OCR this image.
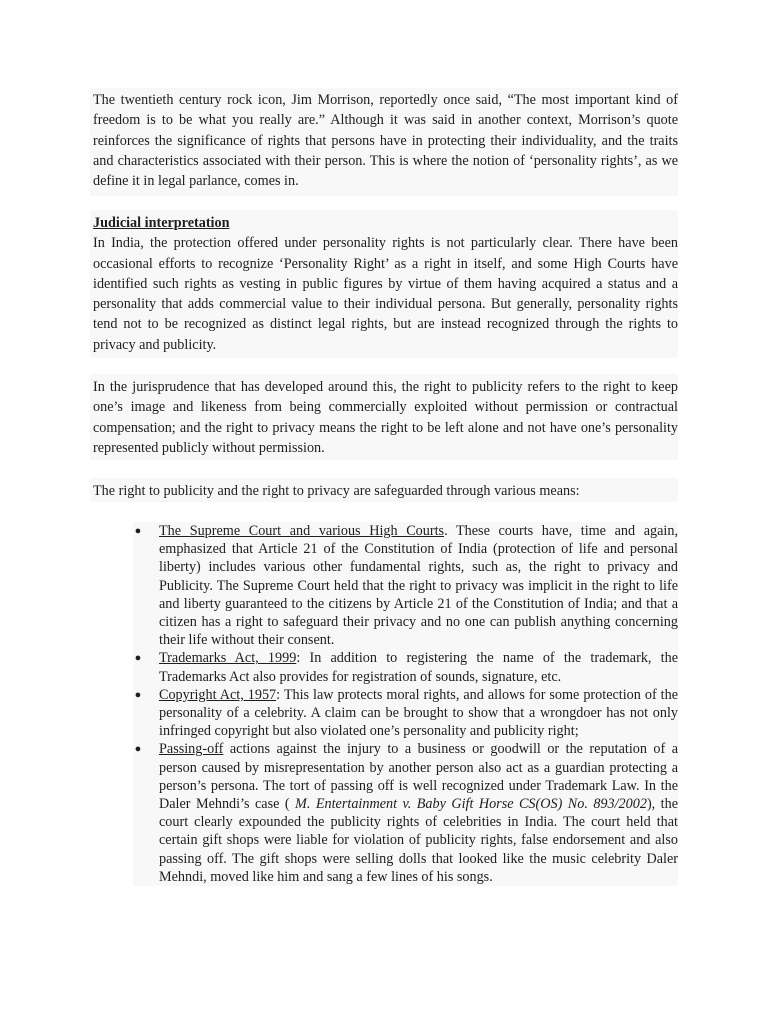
The twentieth century rock icon, Jim Morrison, reportedly once said, “The most important kind of freedom is to be what you really are.” Although it was said in another context, Morrison’s quote reinforces the significance of rights that persons have in protecting their individuality, and the traits and characteristics associated with their person. This is where the notion of ‘personality rights’, as we define it in legal parlance, comes in.

Judicial interpretation

In India, the protection offered under personality rights is not particularly clear. There have been occasional efforts to recognize ‘Personality Right’ as a right in itself, and some High Courts have identified such rights as vesting in public figures by virtue of them having acquired a status and a personality that adds commercial value to their individual persona. But generally, personality rights tend not to be recognized as distinct legal rights, but are instead recognized through the rights to privacy and publicity.

In the jurisprudence that has developed around this, the right to publicity refers to the right to keep one’s image and likeness from being commercially exploited without permission or contractual compensation; and the right to privacy means the right to be left alone and not have one’s personality represented publicly without permission.

The right to publicity and the right to privacy are safeguarded through various means:

● The Supreme Court and various High Courts. These courts have, time and again, emphasized that Article 21 of the Constitution of India (protection of life and personal liberty) includes various other fundamental rights, such as, the right to privacy and Publicity. The Supreme Court held that the right to privacy was implicit in the right to life and liberty guaranteed to the citizens by Article 21 of the Constitution of India; and that a citizen has a right to safeguard their privacy and no one can publish anything concerning their life without their consent.
● Trademarks Act, 1999: In addition to registering the name of the trademark, the Trademarks Act also provides for registration of sounds, signature, etc.
● Copyright Act, 1957: This law protects moral rights, and allows for some protection of the personality of a celebrity. A claim can be brought to show that a wrongdoer has not only infringed copyright but also violated one’s personality and publicity right;
● Passing-off actions against the injury to a business or goodwill or the reputation of a person caused by misrepresentation by another person also act as a guardian protecting a person’s persona. The tort of passing off is well recognized under Trademark Law. In the Daler Mehndi’s case ( M. Entertainment v. Baby Gift Horse CS(OS) No. 893/2002), the court clearly expounded the publicity rights of celebrities in India. The court held that certain gift shops were liable for violation of publicity rights, false endorsement and also passing off. The gift shops were selling dolls that looked like the music celebrity Daler Mehndi, moved like him and sang a few lines of his songs.
